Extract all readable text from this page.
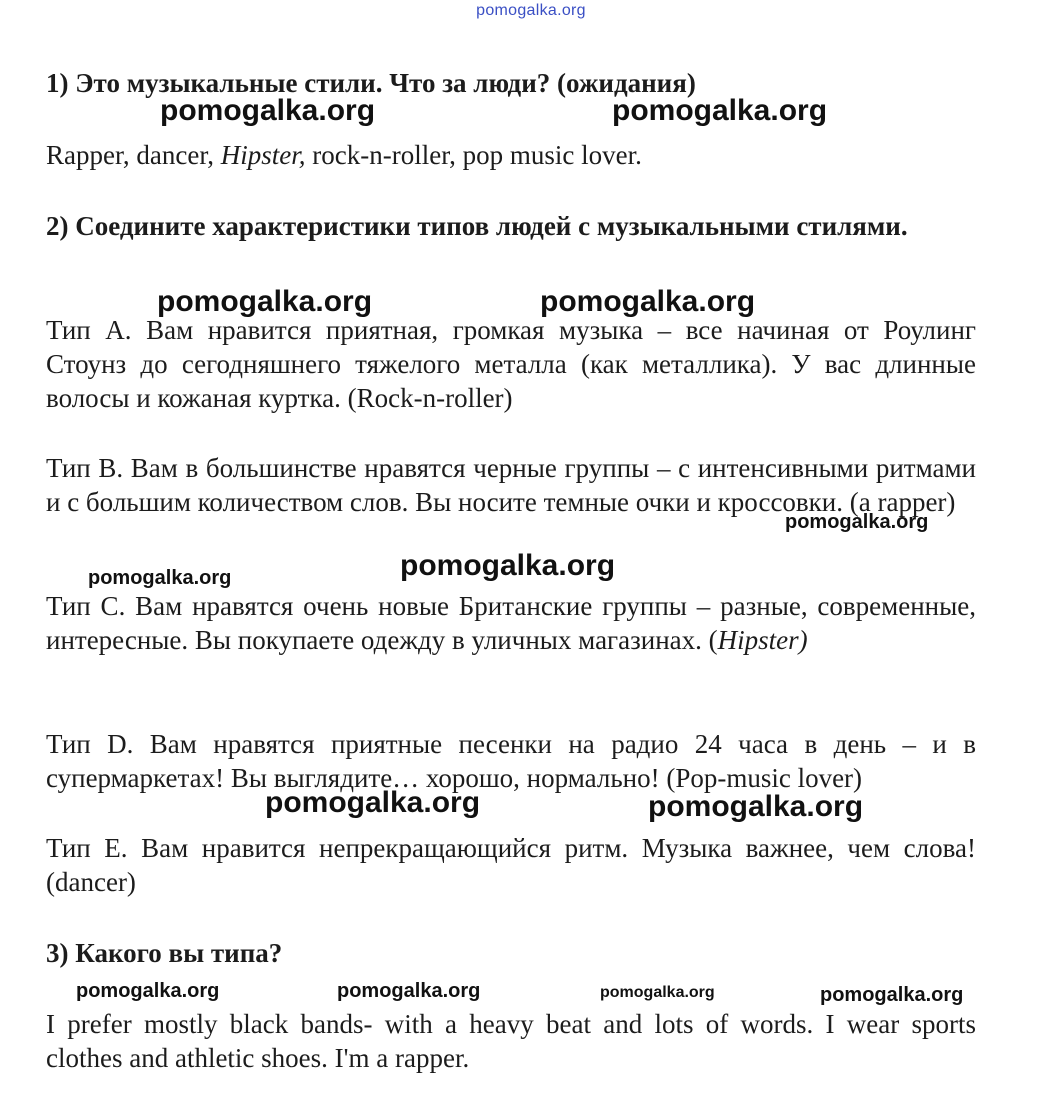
pomogalka.org

1) Это музыкальные стили. Что за люди? (ожидания)

Rapper, dancer, Hipster, rock-n-roller, pop music lover.

2) Соедините характеристики типов людей с музыкальными стилями.

Тип А. Вам нравится приятная, громкая музыка – все начиная от Роулинг Стоунз до сегодняшнего тяжелого металла (как металлика). У вас длинные волосы и кожаная куртка. (Rock-n-roller)

Тип В. Вам в большинстве нравятся черные группы – с интенсивными ритмами и с большим количеством слов. Вы носите темные очки и кроссовки. (а rapper)

Тип С. Вам нравятся очень новые Британские группы – разные, современные, интересные. Вы покупаете одежду в уличных магазинах. (Hipster)

Тип D. Вам нравятся приятные песенки на радио 24 часа в день – и в супермаркетах! Вы выглядите… хорошо, нормально! (Pop-music lover)

Тип Е. Вам нравится непрекращающийся ритм. Музыка важнее, чем слова! (dancer)

3) Какого вы типа?

I prefer mostly black bands- with a heavy beat and lots of words. I wear sports clothes and athletic shoes. I'm a rapper.

pomogalka.org	pomogalka.org
pomogalka.org	pomogalka.org
pomogalka.org
pomogalka.org
pomogalka.org
pomogalka.org	pomogalka.org
pomogalka.org	pomogalka.org	pomogalka.org	pomogalka.org
